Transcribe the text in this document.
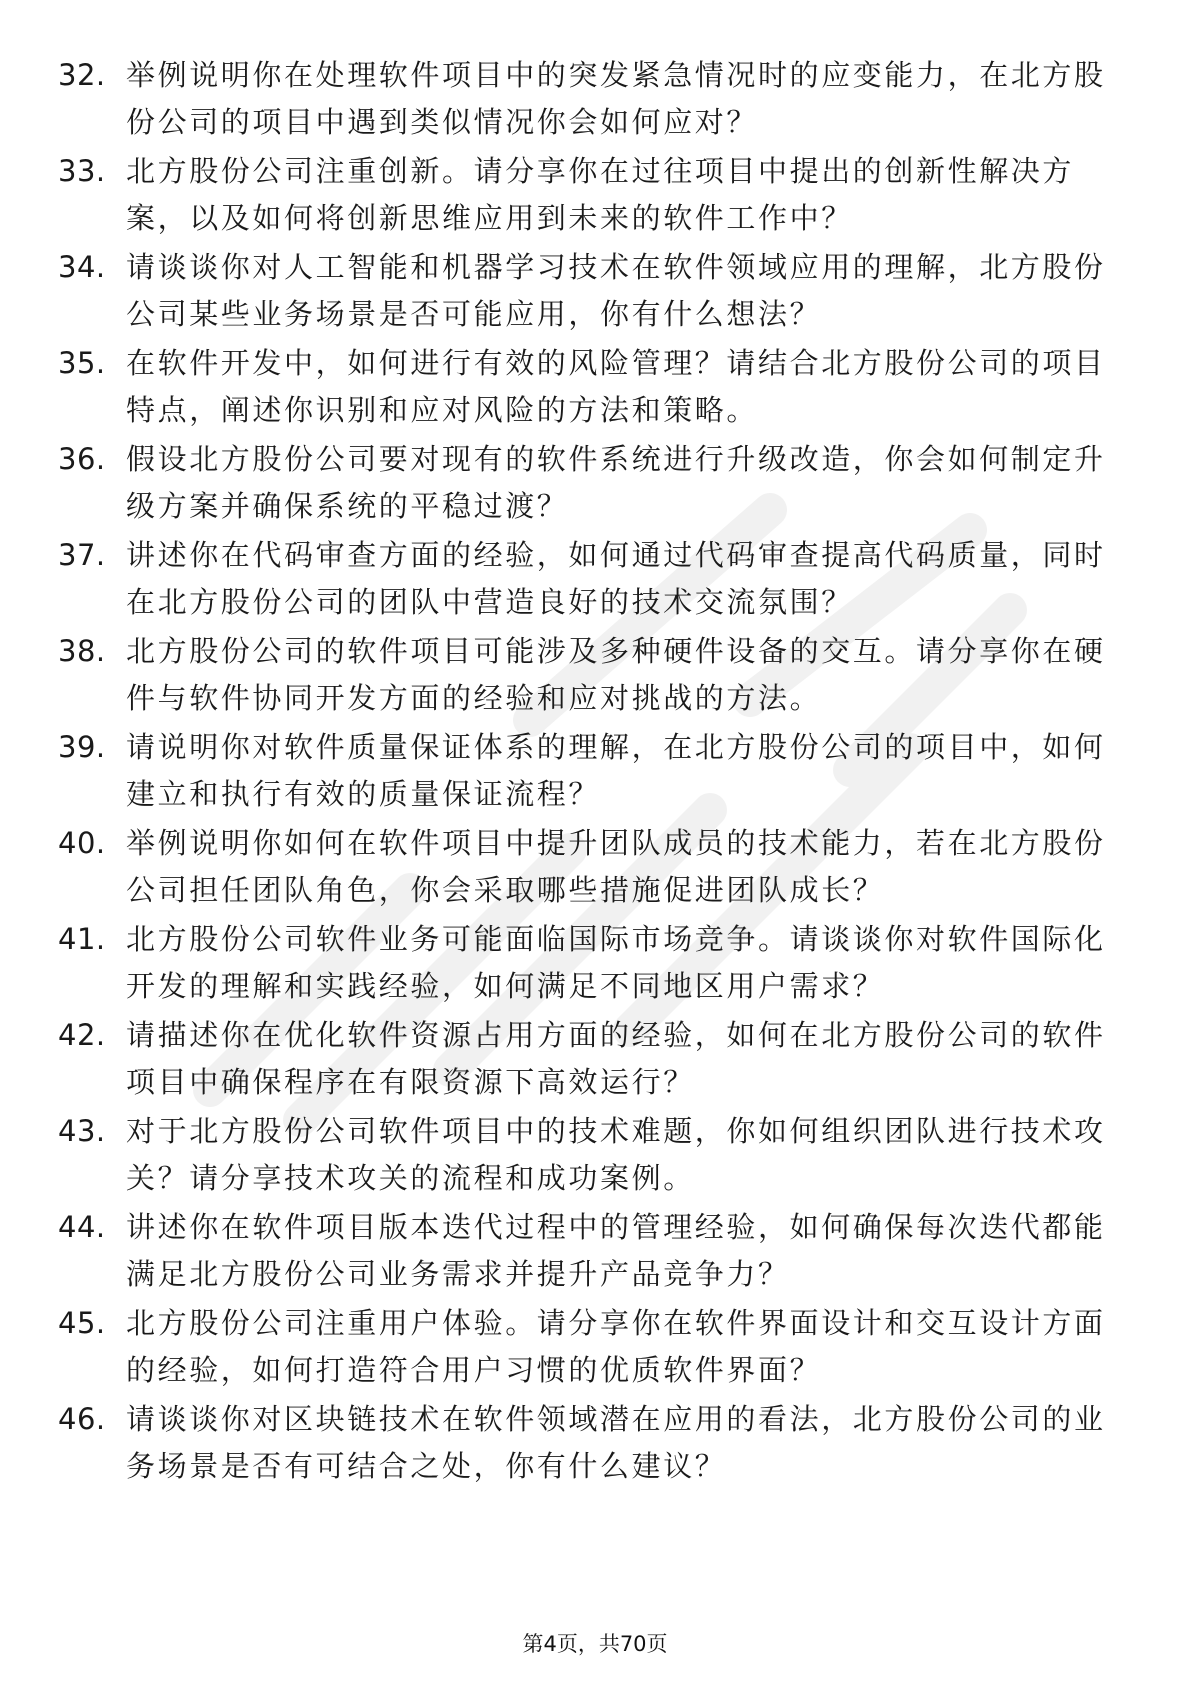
32. 举例说明你在处理软件项目中的突发紧急情况时的应变能力，在北方股份公司的项目中遇到类似情况你会如何应对？
33. 北方股份公司注重创新。请分享你在过往项目中提出的创新性解决方案，以及如何将创新思维应用到未来的软件工作中？
34. 请谈谈你对人工智能和机器学习技术在软件领域应用的理解，北方股份公司某些业务场景是否可能应用，你有什么想法？
35. 在软件开发中，如何进行有效的风险管理？请结合北方股份公司的项目特点，阐述你识别和应对风险的方法和策略。
36. 假设北方股份公司要对现有的软件系统进行升级改造，你会如何制定升级方案并确保系统的平稳过渡？
37. 讲述你在代码审查方面的经验，如何通过代码审查提高代码质量，同时在北方股份公司的团队中营造良好的技术交流氛围？
38. 北方股份公司的软件项目可能涉及多种硬件设备的交互。请分享你在硬件与软件协同开发方面的经验和应对挑战的方法。
39. 请说明你对软件质量保证体系的理解，在北方股份公司的项目中，如何建立和执行有效的质量保证流程？
40. 举例说明你如何在软件项目中提升团队成员的技术能力，若在北方股份公司担任团队角色，你会采取哪些措施促进团队成长？
41. 北方股份公司软件业务可能面临国际市场竞争。请谈谈你对软件国际化开发的理解和实践经验，如何满足不同地区用户需求？
42. 请描述你在优化软件资源占用方面的经验，如何在北方股份公司的软件项目中确保程序在有限资源下高效运行？
43. 对于北方股份公司软件项目中的技术难题，你如何组织团队进行技术攻关？请分享技术攻关的流程和成功案例。
44. 讲述你在软件项目版本迭代过程中的管理经验，如何确保每次迭代都能满足北方股份公司业务需求并提升产品竞争力？
45. 北方股份公司注重用户体验。请分享你在软件界面设计和交互设计方面的经验，如何打造符合用户习惯的优质软件界面？
46. 请谈谈你对区块链技术在软件领域潜在应用的看法，北方股份公司的业务场景是否有可结合之处，你有什么建议？
第4页，共70页
